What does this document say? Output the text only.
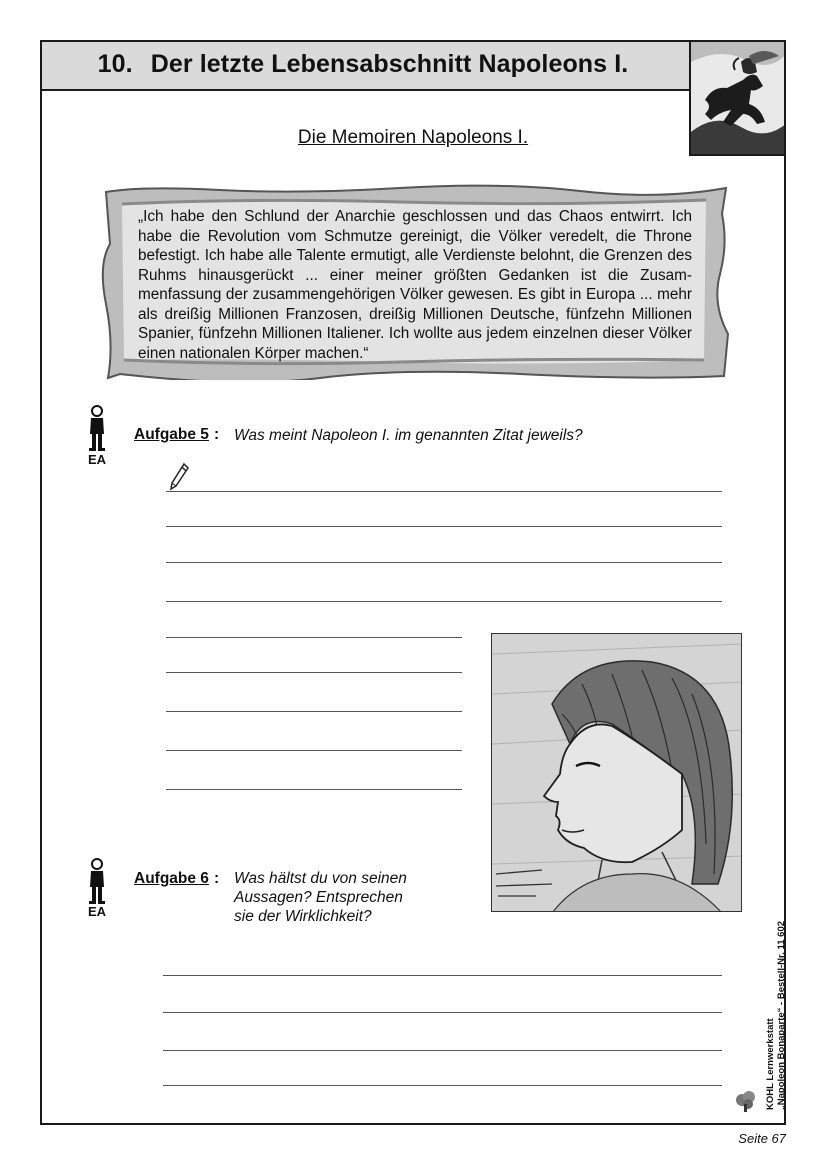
10. Der letzte Lebensabschnitt Napoleons I.
Die Memoiren Napoleons I.
„Ich habe den Schlund der Anarchie geschlossen und das Chaos entwirrt. Ich habe die Revolution vom Schmutze gereinigt, die Völker veredelt, die Throne befestigt. Ich habe alle Talente ermutigt, alle Verdienste belohnt, die Grenzen des Ruhms hinausgerückt ... einer meiner größten Gedanken ist die Zusam-menfassung der zusammengehörigen Völker gewesen. Es gibt in Europa ... mehr als dreißig Millionen Franzosen, dreißig Millionen Deutsche, fünfzehn Millionen Spanier, fünfzehn Millionen Italiener. Ich wollte aus jedem einzelnen dieser Völker einen nationalen Körper machen.“
EA
Aufgabe 5 : Was meint Napoleon I. im genannten Zitat jeweils?
EA
Aufgabe 6 : Was hältst du von seinen
Aussagen? Entsprechen
sie der Wirklichkeit?
KOHL Lernwerkstatt „Napoleon Bonaparte“ - Bestell-Nr. 11 602
Seite 67
